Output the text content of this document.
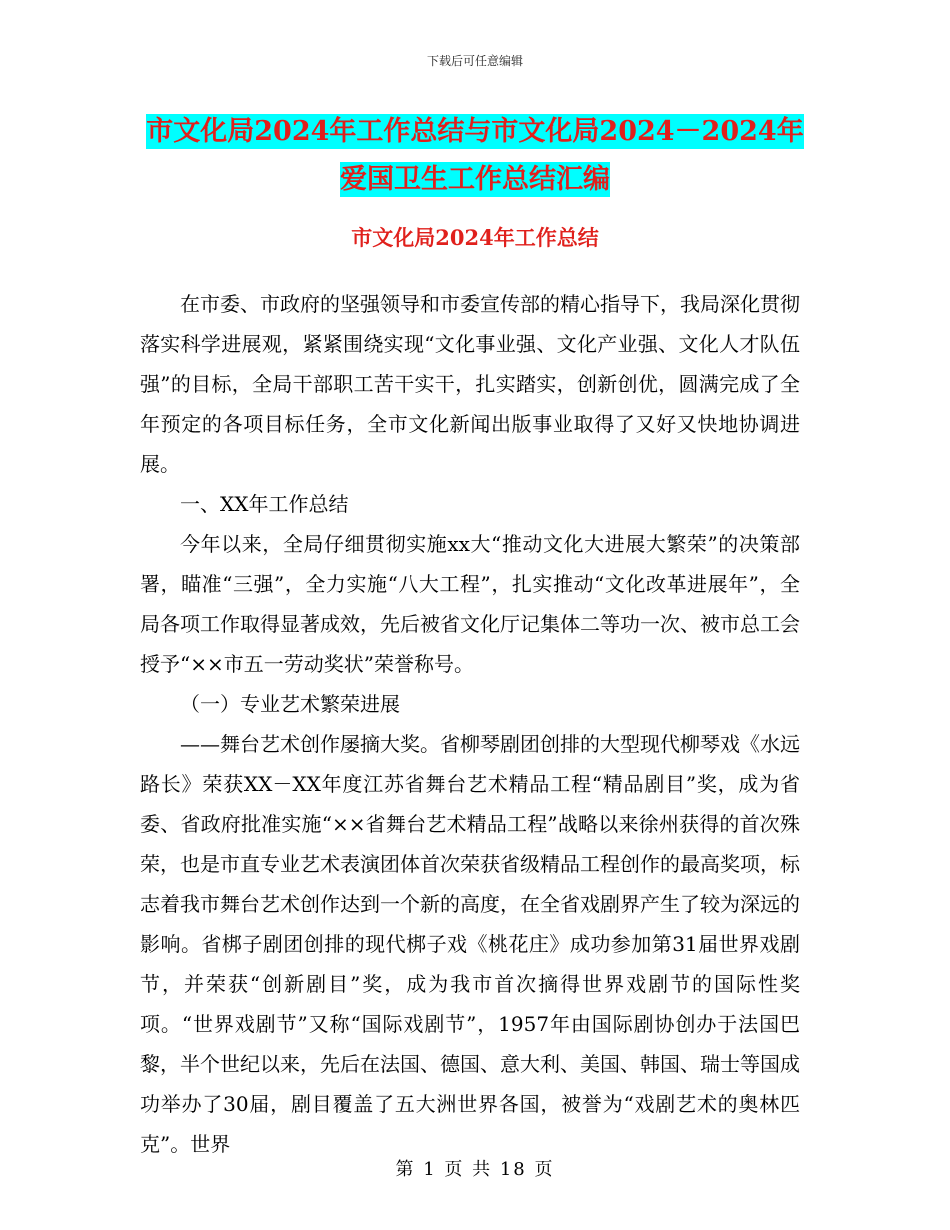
下载后可任意编辑
市文化局2024年工作总结与市文化局2024－2024年
爱国卫生工作总结汇编
市文化局2024年工作总结

在市委、市政府的坚强领导和市委宣传部的精心指导下，我局深化贯彻落实科学进展观，紧紧围绕实现“文化事业强、文化产业强、文化人才队伍强”的目标，全局干部职工苦干实干，扎实踏实，创新创优，圆满完成了全年预定的各项目标任务，全市文化新闻出版事业取得了又好又快地协调进展。

一、XX年工作总结

今年以来，全局仔细贯彻实施xx大“推动文化大进展大繁荣”的决策部署，瞄准“三强”，全力实施“八大工程”，扎实推动“文化改革进展年”，全局各项工作取得显著成效，先后被省文化厅记集体二等功一次、被市总工会授予“××市五一劳动奖状”荣誉称号。

（一）专业艺术繁荣进展

——舞台艺术创作屡摘大奖。省柳琴剧团创排的大型现代柳琴戏《水远路长》荣获XX－XX年度江苏省舞台艺术精品工程“精品剧目”奖，成为省委、省政府批准实施“××省舞台艺术精品工程”战略以来徐州获得的首次殊荣，也是市直专业艺术表演团体首次荣获省级精品工程创作的最高奖项，标志着我市舞台艺术创作达到一个新的高度，在全省戏剧界产生了较为深远的影响。省梆子剧团创排的现代梆子戏《桃花庄》成功参加第31届世界戏剧节，并荣获“创新剧目”奖，成为我市首次摘得世界戏剧节的国际性奖项。“世界戏剧节”又称“国际戏剧节”，1957年由国际剧协创办于法国巴黎，半个世纪以来，先后在法国、德国、意大利、美国、韩国、瑞士等国成功举办了30届，剧目覆盖了五大洲世界各国，被誉为“戏剧艺术的奥林匹克”。世界

第 1 页 共 18 页
